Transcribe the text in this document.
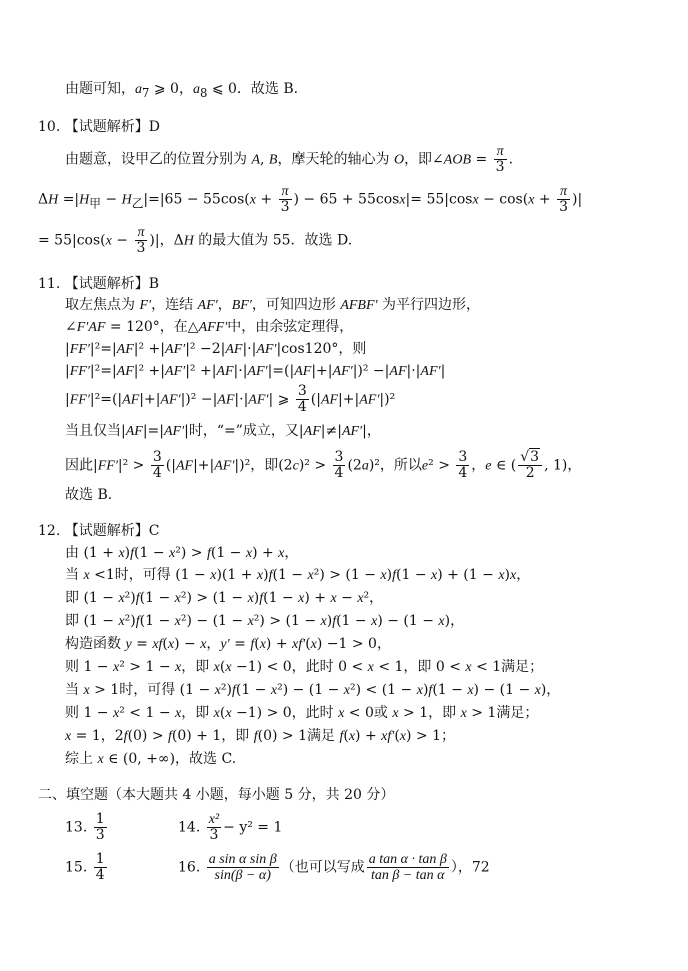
由题可知，$a_7$ ⩾ 0，$a_8$ ⩽ 0．故选 B.
10. 【试题解析】D
由题意，设甲乙的位置分别为 A, B，摩天轮的轴心为 O，即∠AOB = $\frac{\pi}{3}$ .
$\Delta H =|H_甲 - H_乙|=|65 - 55\cos(x + \frac{\pi}{3}$ ) − $65 + 55\cos x|= 55|\cos x - \cos(x + \frac{\pi}{3}$ )|
= $55|\cos(x - \frac{\pi}{3}$ )|，ΔH 的最大值为 55．故选 D.
11. 【试题解析】B
取左焦点为 F′，连结 AF′，BF′，可知四边形 AFBF′ 为平行四边形，
∠F′AF = 120°，在△AFF′中，由余弦定理得，
|FF′|²=|AF|² +|AF′|² −2|AF|·|AF′|cos120°，则
|FF′|²=|AF|² +|AF′|² +|AF|·|AF′|=(|AF|+|AF′|)² −|AF|·|AF′|
|FF′|²=(|AF|+|AF′|)² −|AF|·|AF′| ⩾ $\frac{3}{4} (|AF|+|AF'|)^2$
当且仅当|AF|=|AF′|时，“=”成立，又|AF|≠|AF′|，
因此$|FF'|^2 > \frac{3}{4} (|AF|+|AF'|)^2$，即$(2c)^2 > \frac{3}{4} (2a)^2$，所以$e^2 > \frac{3}{4}$ ，e ∈ ( $\frac{√3}{2}$ , 1)，
故选 B.
12. 【试题解析】C
由 (1 + x)f(1 − x²) > f(1 − x) + x，
当 x <1时，可得 (1 − x)(1 + x)f(1 − x²) > (1 − x)f(1 − x) + (1 − x)x，
即 (1 − x²)f(1 − x²) > (1 − x)f(1 − x) + x − x²，
即 (1 − x²)f(1 − x²) − (1 − x²) > (1 − x)f(1 − x) − (1 − x)，
构造函数 y = xf(x) − x，y′ = f(x) + xf′(x) −1 > 0，
则 1 − x² > 1 − x，即 x(x −1) < 0，此时 0 < x < 1，即 0 < x < 1满足；
当 x > 1时，可得 (1 − x²)f(1 − x²) − (1 − x²) < (1 − x)f(1 − x) − (1 − x)，
则 1 − x² < 1 − x，即 x(x −1) > 0，此时 x < 0或 x > 1，即 x > 1满足；
x = 1，2f(0) > f(0) + 1，即 f(0) > 1满足 f(x) + xf′(x) > 1；
综上 x ∈ (0, +∞)，故选 C.
二、填空题（本大题共 4 小题，每小题 5 分，共 20 分）
13. $\frac{1}{3}$	14. $\frac{\text{x²}}{3} - y^2 = 1$
15. $\frac{1}{4}$	16. $\frac{\text{a sin α sin β}}{\sin(\beta - \alpha)}$ （也可以写成 $\frac{\text{a tan α · tan β}}{\text{tan β − tan α}}$ ），72
